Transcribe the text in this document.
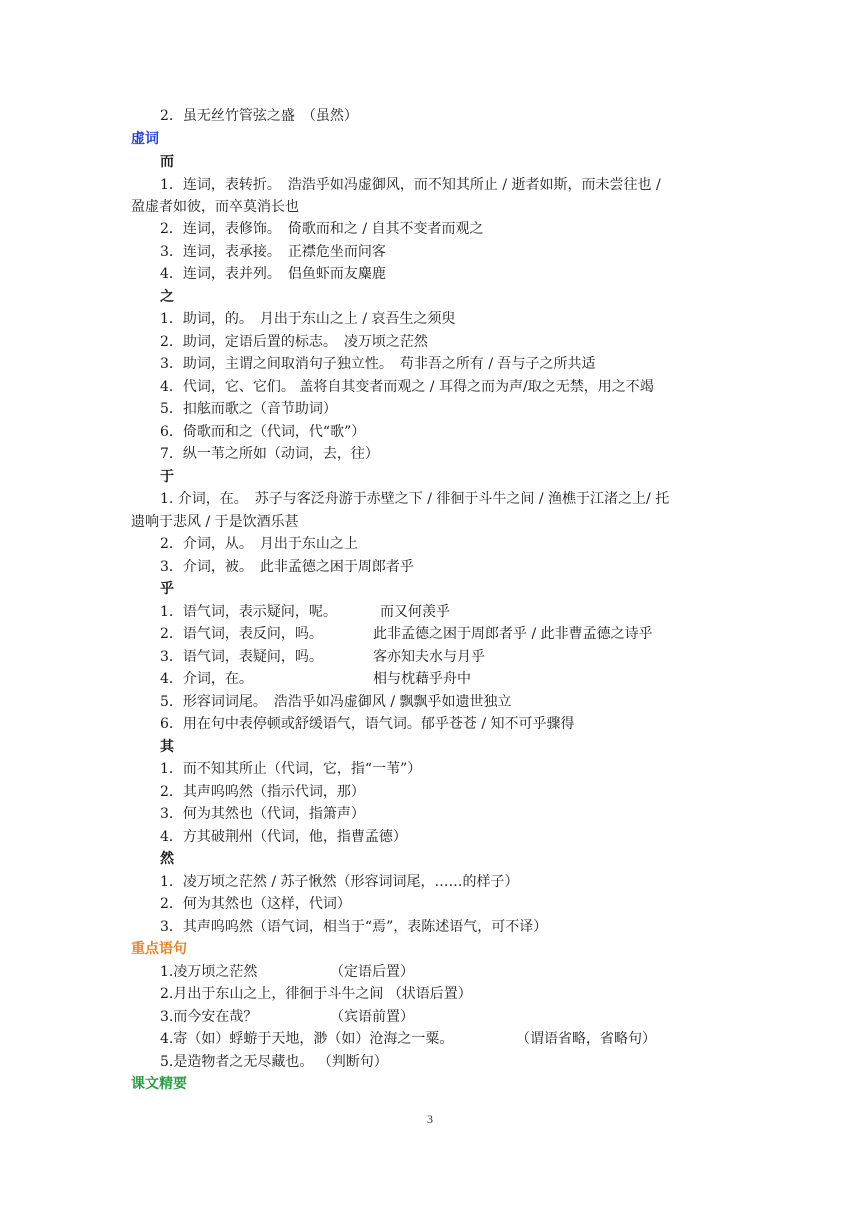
2．虽无丝竹管弦之盛　（虽然）
虚词
而
1．连词，表转折。　浩浩乎如冯虚御风，而不知其所止 / 逝者如斯，而未尝往也 /
盈虚者如彼，而卒莫消长也
2．连词，表修饰。　倚歌而和之 / 自其不变者而观之
3．连词，表承接。　正襟危坐而问客
4．连词，表并列。　侣鱼虾而友麋鹿
之
1．助词，的。　月出于东山之上 / 哀吾生之须臾
2．助词，定语后置的标志。　凌万顷之茫然
3．助词，主谓之间取消句子独立性。　苟非吾之所有 / 吾与子之所共适
4．代词，它、它们。 盖将自其变者而观之 / 耳得之而为声/取之无禁，用之不竭
5．扣舷而歌之（音节助词）
6．倚歌而和之（代词，代“歌”）
7．纵一苇之所如（动词，去，往）
于
1. 介词，在。　苏子与客泛舟游于赤壁之下 / 徘徊于斗牛之间 / 渔樵于江渚之上/ 托
遗响于悲风 / 于是饮酒乐甚
2．介词，从。　月出于东山之上
3．介词，被。　此非孟德之困于周郎者乎
乎
1．语气词，表示疑问，呢。	而又何羡乎
2．语气词，表反问，吗。	此非孟德之困于周郎者乎 / 此非曹孟德之诗乎
3．语气词，表疑问，吗。	客亦知夫水与月乎
4．介词，在。	相与枕藉乎舟中
5．形容词词尾。　浩浩乎如冯虚御风 / 飘飘乎如遗世独立
6．用在句中表停顿或舒缓语气，语气词。郁乎苍苍 / 知不可乎骤得
其
1．而不知其所止（代词，它，指“一苇”）
2．其声呜呜然（指示代词，那）
3．何为其然也（代词，指箫声）
4．方其破荆州（代词，他，指曹孟德）
然
1．凌万顷之茫然 / 苏子愀然（形容词词尾，……的样子）
2．何为其然也（这样，代词）
3．其声呜呜然（语气词，相当于“焉”，表陈述语气，可不译）
重点语句
1.凌万顷之茫然	（定语后置）
2.月出于东山之上，徘徊于斗牛之间 （状语后置）
3.而今安在哉？	（宾语前置）
4.寄（如）蜉蝣于天地，渺（如）沧海之一粟。	（谓语省略，省略句）
5.是造物者之无尽藏也。 （判断句）
课文精要
3
